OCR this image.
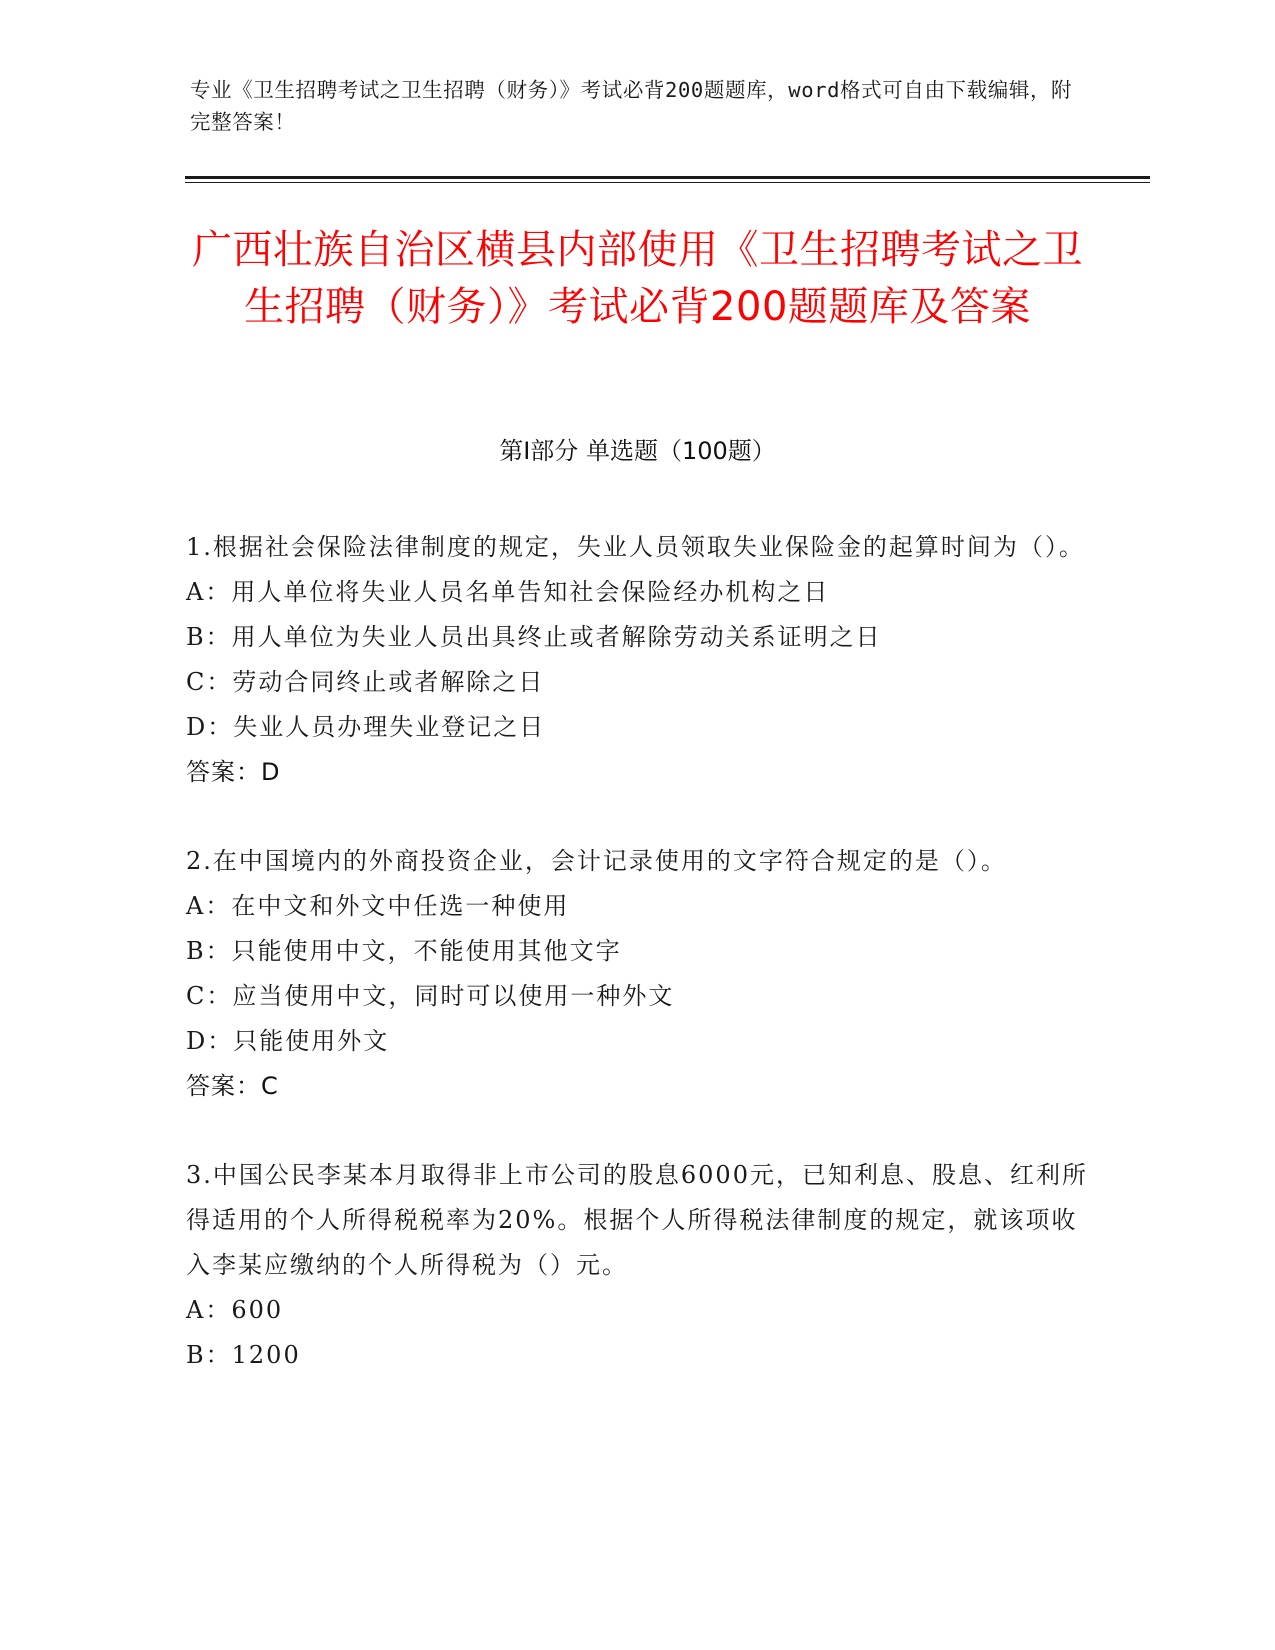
专业《卫生招聘考试之卫生招聘（财务）》考试必背200题题库，word格式可自由下载编辑，附完整答案！
广西壮族自治区横县内部使用《卫生招聘考试之卫生招聘（财务）》考试必背200题题库及答案
第Ⅰ部分 单选题（100题）
1.根据社会保险法律制度的规定，失业人员领取失业保险金的起算时间为（）。
A：用人单位将失业人员名单告知社会保险经办机构之日
B：用人单位为失业人员出具终止或者解除劳动关系证明之日
C：劳动合同终止或者解除之日
D：失业人员办理失业登记之日
答案：D
2.在中国境内的外商投资企业，会计记录使用的文字符合规定的是（）。
A：在中文和外文中任选一种使用
B：只能使用中文，不能使用其他文字
C：应当使用中文，同时可以使用一种外文
D：只能使用外文
答案：C
3.中国公民李某本月取得非上市公司的股息6000元，已知利息、股息、红利所得适用的个人所得税税率为20%。根据个人所得税法律制度的规定，就该项收入李某应缴纳的个人所得税为（）元。
A：600
B：1200
